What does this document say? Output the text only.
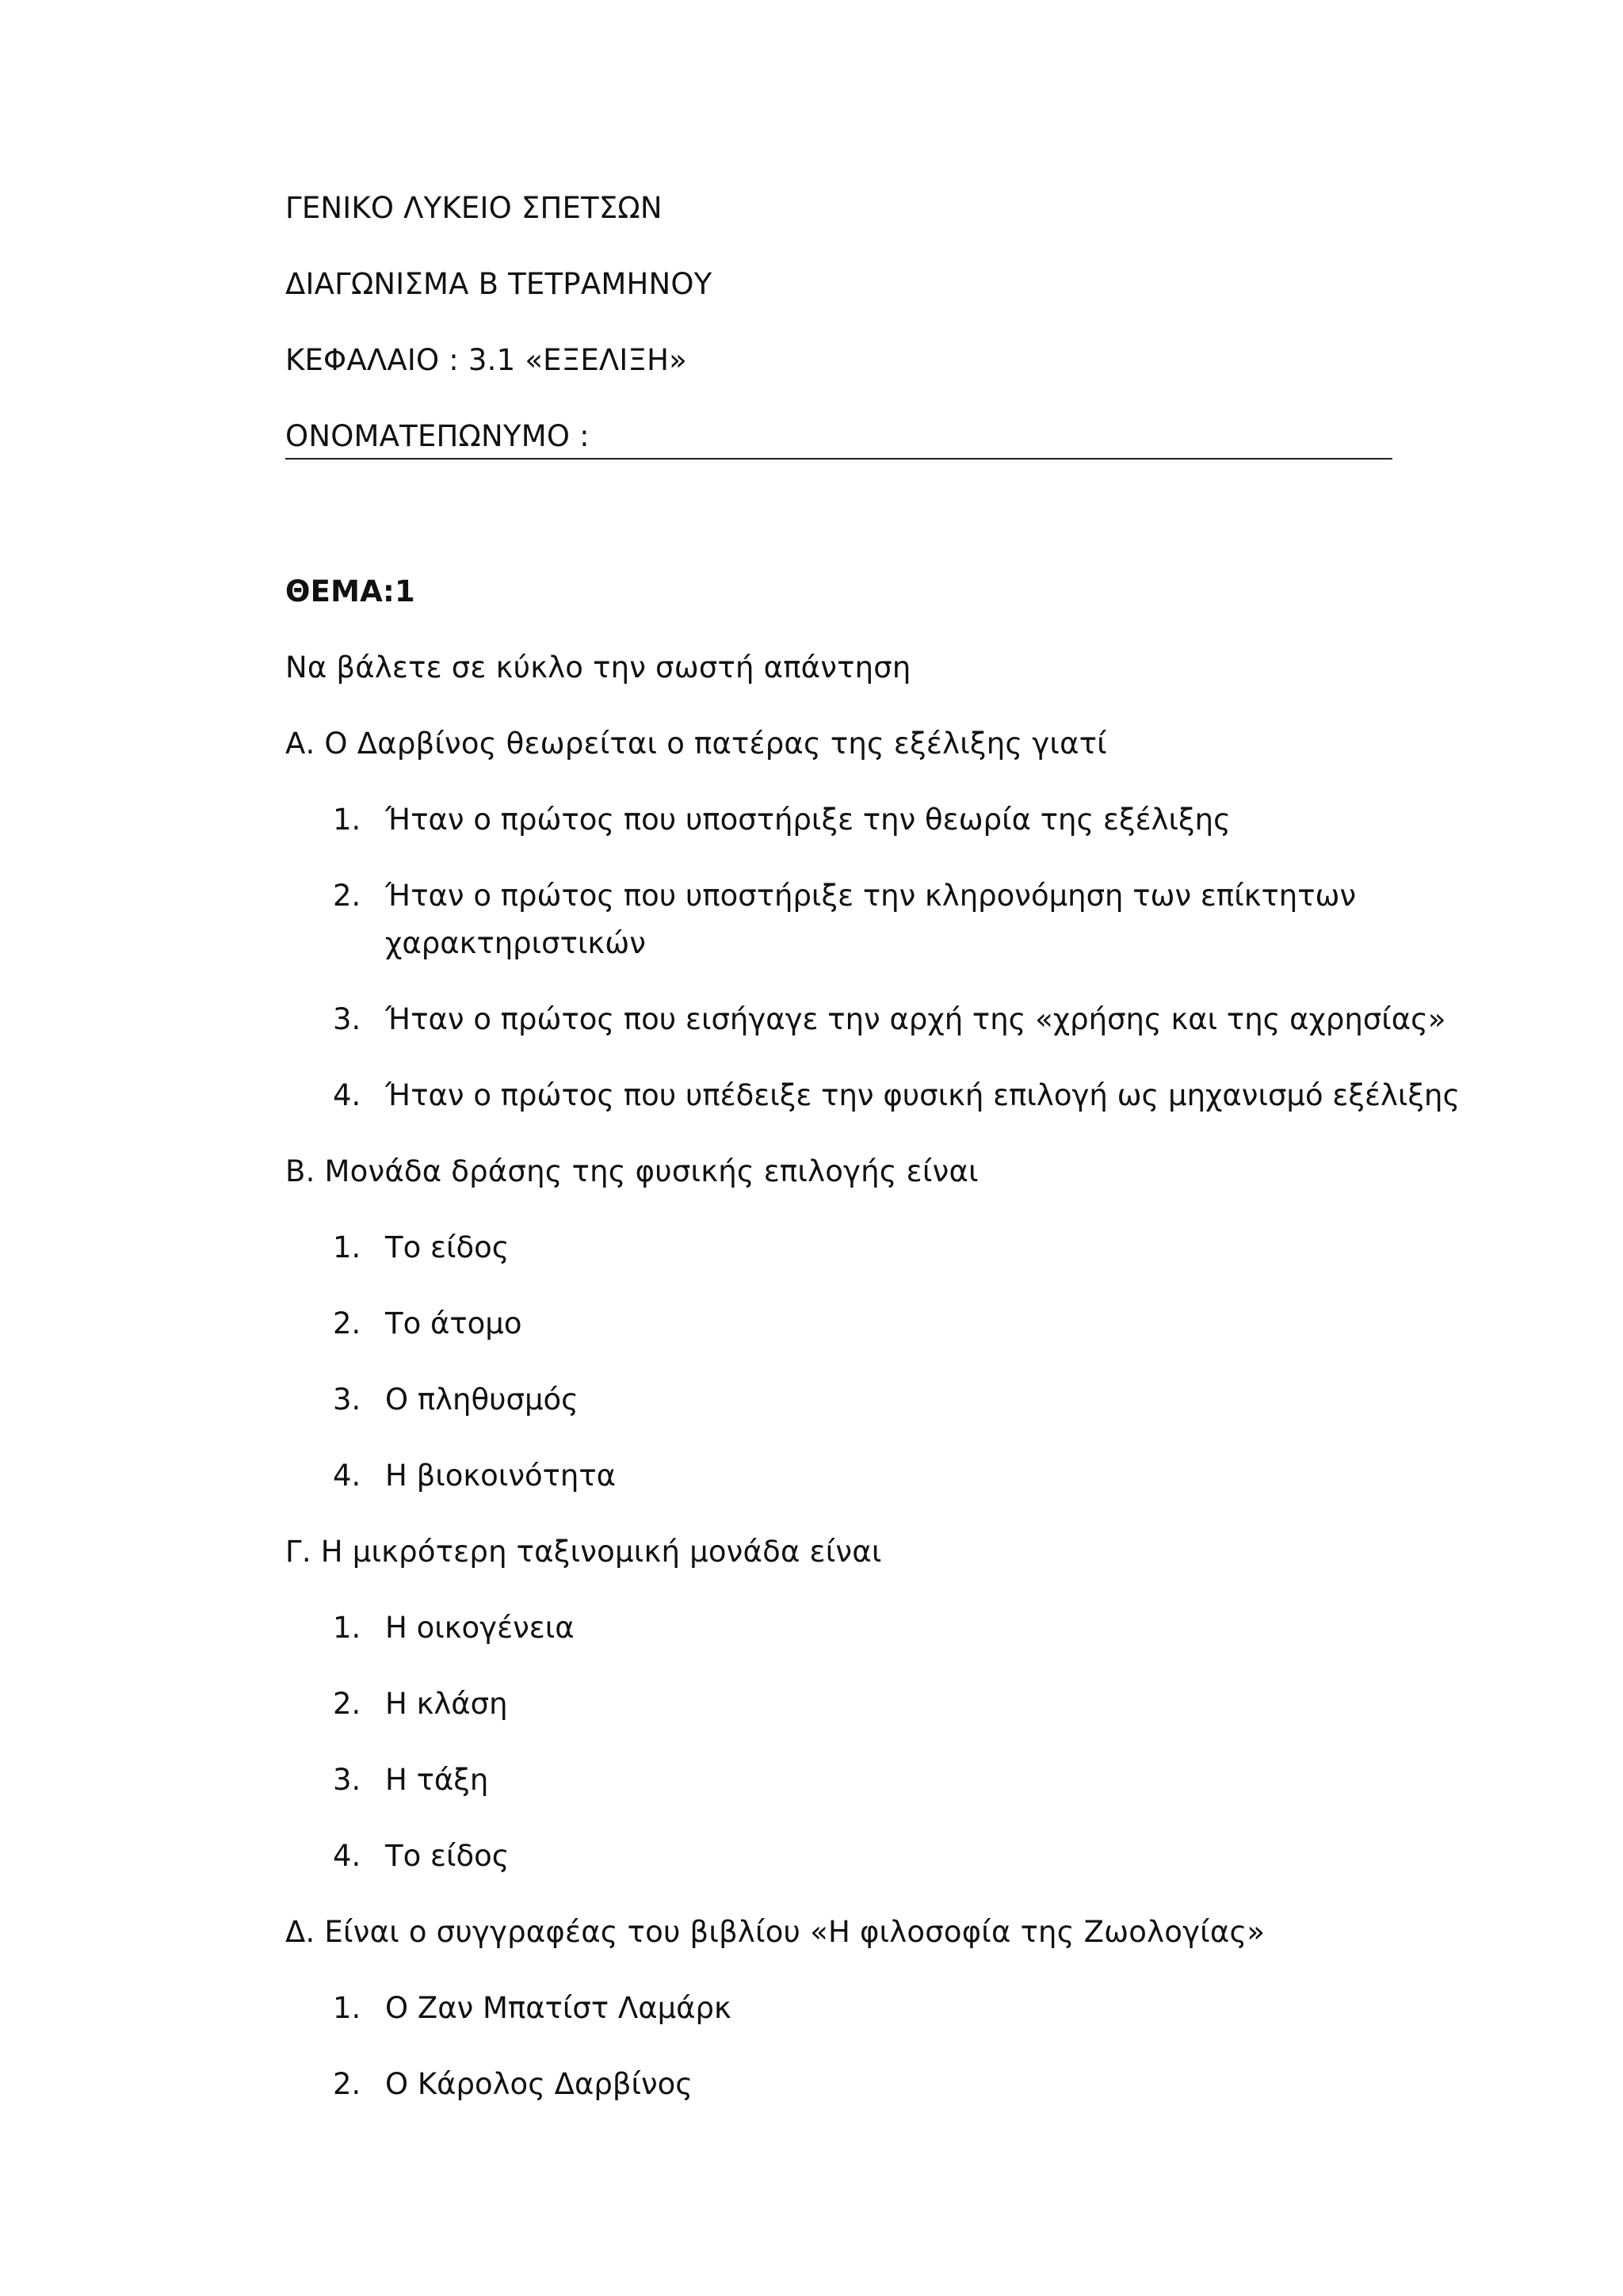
ΓΕΝΙΚΟ ΛΥΚΕΙΟ ΣΠΕΤΣΩΝ
ΔΙΑΓΩΝΙΣΜΑ Β ΤΕΤΡΑΜΗΝΟΥ
ΚΕΦΑΛΑΙΟ : 3.1 «ΕΞΕΛΙΞΗ»
ΟΝΟΜΑΤΕΠΩΝΥΜΟ :
ΘΕΜΑ:1
Να βάλετε σε κύκλο την σωστή απάντηση
Α. Ο Δαρβίνος θεωρείται ο πατέρας της εξέλιξης γιατί
1. Ήταν ο πρώτος που υποστήριξε την θεωρία της εξέλιξης
2. Ήταν ο πρώτος που υποστήριξε την κληρονόμηση των επίκτητων
χαρακτηριστικών
3. Ήταν ο πρώτος που εισήγαγε την αρχή της «χρήσης και της αχρησίας»
4. Ήταν ο πρώτος που υπέδειξε την φυσική επιλογή ως μηχανισμό εξέλιξης
Β. Μονάδα δράσης της φυσικής επιλογής είναι
1. Το είδος
2. Το άτομο
3. Ο πληθυσμός
4. Η βιοκοινότητα
Γ. Η μικρότερη ταξινομική μονάδα είναι
1. Η οικογένεια
2. Η κλάση
3. Η τάξη
4. Το είδος
Δ. Είναι ο συγγραφέας του βιβλίου «Η φιλοσοφία της Ζωολογίας»
1. Ο Ζαν Μπατίστ Λαμάρκ
2. Ο Κάρολος Δαρβίνος
